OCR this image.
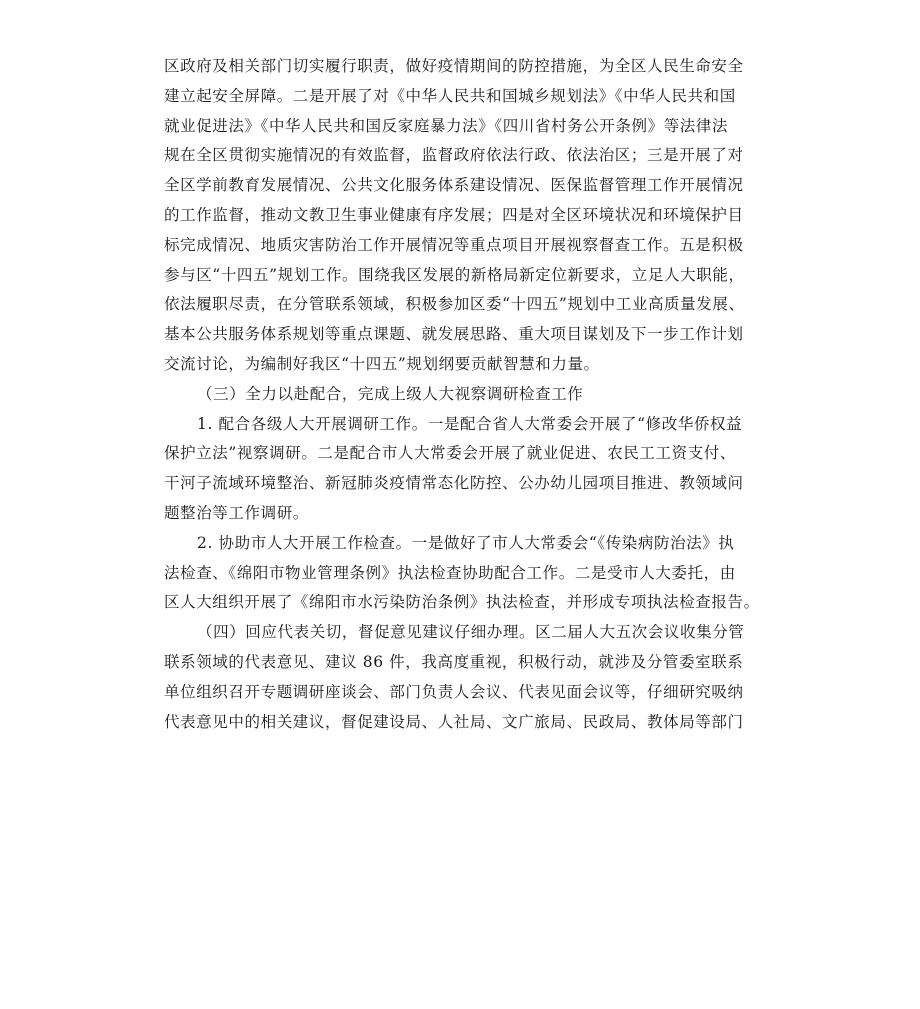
区政府及相关部门切实履行职责，做好疫情期间的防控措施，为全区人民生命安全
建立起安全屏障。二是开展了对《中华人民共和国城乡规划法》《中华人民共和国
就业促进法》《中华人民共和国反家庭暴力法》《四川省村务公开条例》等法律法
规在全区贯彻实施情况的有效监督，监督政府依法行政、依法治区；三是开展了对
全区学前教育发展情况、公共文化服务体系建设情况、医保监督管理工作开展情况
的工作监督，推动文教卫生事业健康有序发展；四是对全区环境状况和环境保护目
标完成情况、地质灾害防治工作开展情况等重点项目开展视察督查工作。五是积极
参与区“十四五”规划工作。围绕我区发展的新格局新定位新要求，立足人大职能，
依法履职尽责，在分管联系领域，积极参加区委“十四五”规划中工业高质量发展、
基本公共服务体系规划等重点课题、就发展思路、重大项目谋划及下一步工作计划
交流讨论，为编制好我区“十四五”规划纲要贡献智慧和力量。
（三）全力以赴配合，完成上级人大视察调研检查工作
1. 配合各级人大开展调研工作。一是配合省人大常委会开展了“修改华侨权益
保护立法”视察调研。二是配合市人大常委会开展了就业促进、农民工工资支付、
干河子流域环境整治、新冠肺炎疫情常态化防控、公办幼儿园项目推进、教领域问
题整治等工作调研。
2. 协助市人大开展工作检查。一是做好了市人大常委会“《传染病防治法》执
法检查、《绵阳市物业管理条例》执法检查协助配合工作。二是受市人大委托，由
区人大组织开展了《绵阳市水污染防治条例》执法检查，并形成专项执法检查报告。
（四）回应代表关切，督促意见建议仔细办理。区二届人大五次会议收集分管
联系领域的代表意见、建议 86 件，我高度重视，积极行动，就涉及分管委室联系
单位组织召开专题调研座谈会、部门负责人会议、代表见面会议等，仔细研究吸纳
代表意见中的相关建议，督促建设局、人社局、文广旅局、民政局、教体局等部门
